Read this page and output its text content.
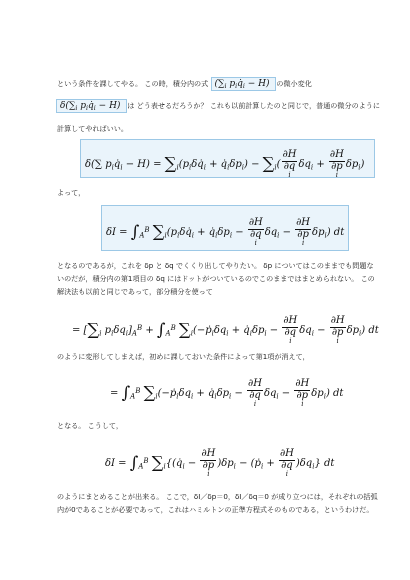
という条件を課してやる。 この時，積分内の式 ($\sum_i$ $p_iq̇_i - H$) の微小変化
$\delta(\sum_i$ $p_iq̇_i - H$) は どう表せるだろうか？ これも以前計算したのと同じで，普通の微分のように
計算してやればいい。
δ(∑ $p_iq̇_i - H$) = $\sum_i(p_i\delta q̇_i$ + $q̇_i\delta p_i) - \sum_i$( ∂H
∂q
i $\delta q_i + \partial H$
∂p
i $\delta p_i$)
よって，
$\delta I = \int_A^B$ $\sum_i(p_i\delta q̇_i$ + $q̇_i\delta p_i - \partial H$
∂q
i $\delta q_i - \partial H$
∂p
i $\delta p_i$) dt
となるのであるが，これを δp と δq でくくり出してやりたい。 δp についてはこのままでも問題な
いのだが，積分内の第1項目の δq にはドットがついているのでこのままではまとめられない。 この
解決法も以前と同じであって，部分積分を使って
= [$\sum_i$ $p_i\delta q_i]_A^B + \int_A^B$ $\sum_i(-ṗ_i\delta q_i$ + $q̇_i\delta p_i - \partial H$
∂q
i $\delta q_i - \partial H$
∂p
i $\delta p_i$) dt
のように変形してしまえば，初めに課しておいた条件によって第1項が消えて，
= $\int_A^B$ $\sum_i(-ṗ_i\delta q_i$ + $q̇_i\delta p_i - \partial H$
∂q
i $\delta q_i - \partial H$
∂p
i $\delta p_i$) dt
となる。 こうして，
$\delta I = \int_A^B$ $\sum_i\{(q̇_i - \partial H$
∂p
i )$\delta p_i$ − (ṗ$_i$ + ∂H
∂q
i )$\delta q_i$} dt
のようにまとめることが出来る。 ここで，δI／δp＝0，δI／δq＝0 が成り立つには，それぞれの括弧
内が0であることが必要であって，これはハミルトンの正準方程式そのものである，というわけだ。
